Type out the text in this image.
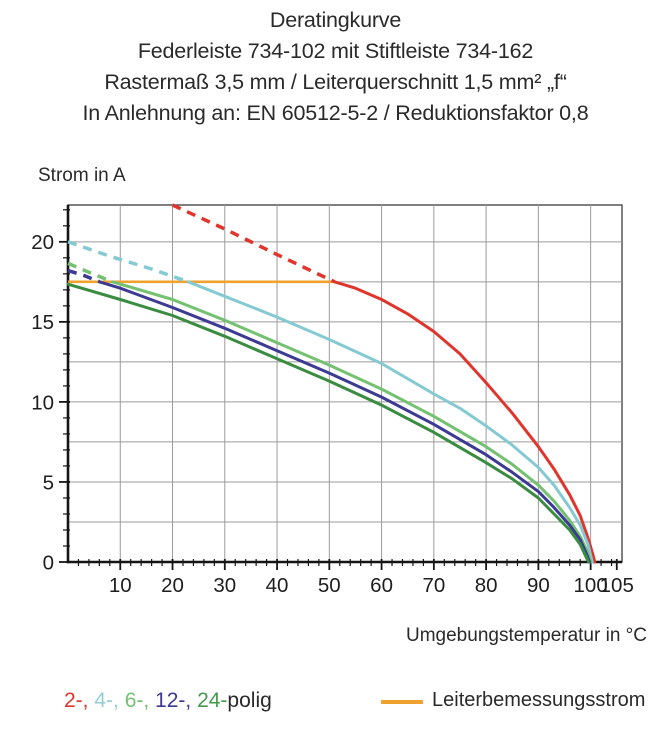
Deratingkurve
Federleiste 734-102 mit Stiftleiste 734-162
Rastermaß 3,5 mm / Leiterquerschnitt 1,5 mm² „f“
In Anlehnung an: EN 60512-5-2 / Reduktionsfaktor 0,8
Strom in A
10 20 30 40 50 60 70 80 90 100
105
0
5
10
15
20
Umgebungstemperatur in °C
2-, 4-, 6-, 12-, 24-polig	Leiterbemessungsstrom
